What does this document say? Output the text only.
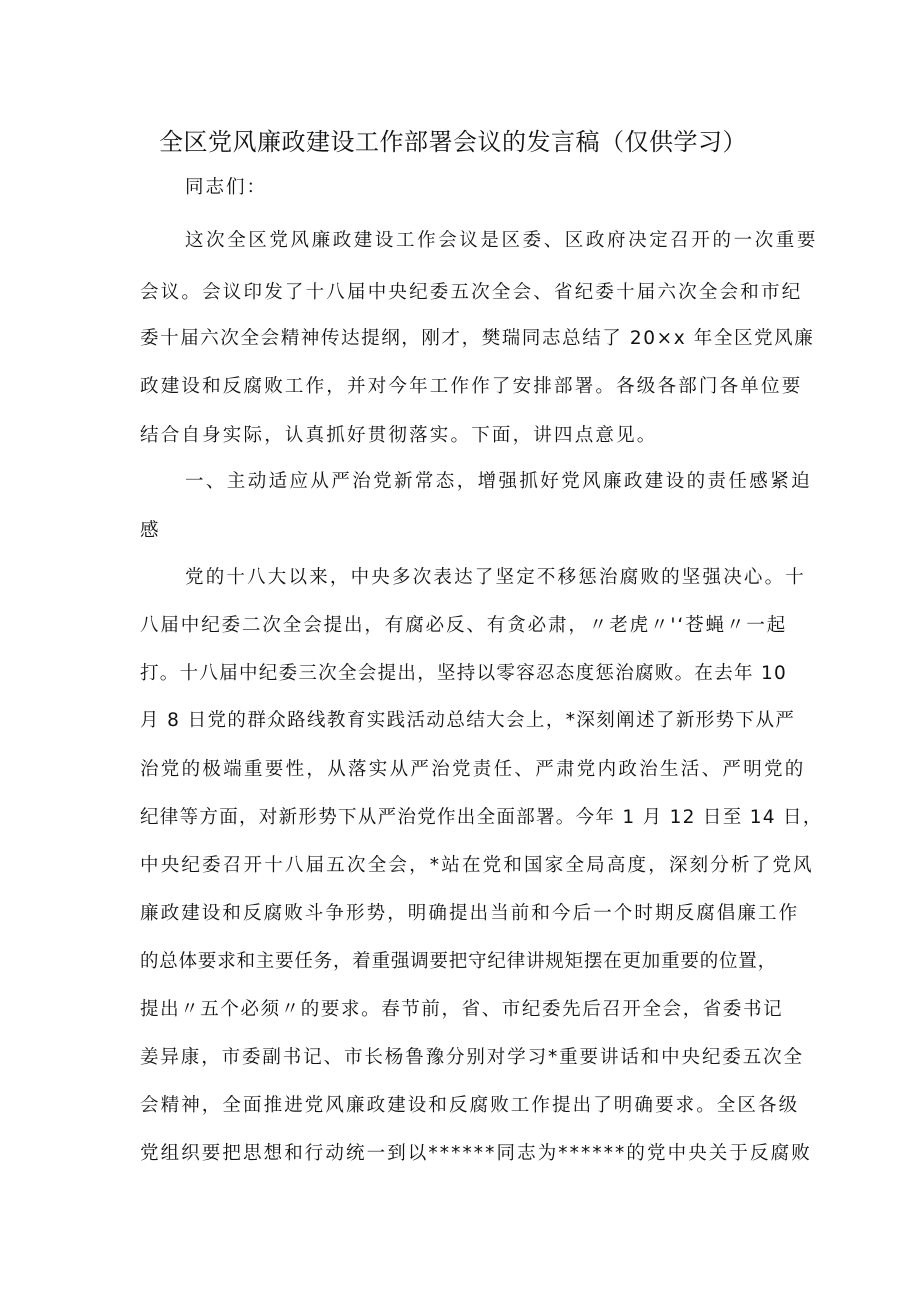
全区党风廉政建设工作部署会议的发言稿（仅供学习）
同志们：
这次全区党风廉政建设工作会议是区委、区政府决定召开的一次重要
会议。会议印发了十八届中央纪委五次全会、省纪委十届六次全会和市纪
委十届六次全会精神传达提纲，刚才，樊瑞同志总结了 20×x 年全区党风廉
政建设和反腐败工作，并对今年工作作了安排部署。各级各部门各单位要
结合自身实际，认真抓好贯彻落实。下面，讲四点意见。
一、主动适应从严治党新常态，增强抓好党风廉政建设的责任感紧迫
感
党的十八大以来，中央多次表达了坚定不移惩治腐败的坚强决心。十
八届中纪委二次全会提出，有腐必反、有贪必肃，〃老虎〃'‘苍蝇〃一起
打。十八届中纪委三次全会提出，坚持以零容忍态度惩治腐败。在去年 10
月 8 日党的群众路线教育实践活动总结大会上，*深刻阐述了新形势下从严
治党的极端重要性，从落实从严治党责任、严肃党内政治生活、严明党的
纪律等方面，对新形势下从严治党作出全面部署。今年 1 月 12 日至 14 日，
中央纪委召开十八届五次全会，*站在党和国家全局高度，深刻分析了党风
廉政建设和反腐败斗争形势，明确提出当前和今后一个时期反腐倡廉工作
的总体要求和主要任务，着重强调要把守纪律讲规矩摆在更加重要的位置，
提出〃五个必须〃的要求。春节前，省、市纪委先后召开全会，省委书记
姜异康，市委副书记、市长杨鲁豫分别对学习*重要讲话和中央纪委五次全
会精神，全面推进党风廉政建设和反腐败工作提出了明确要求。全区各级
党组织要把思想和行动统一到以******同志为******的党中央关于反腐败
